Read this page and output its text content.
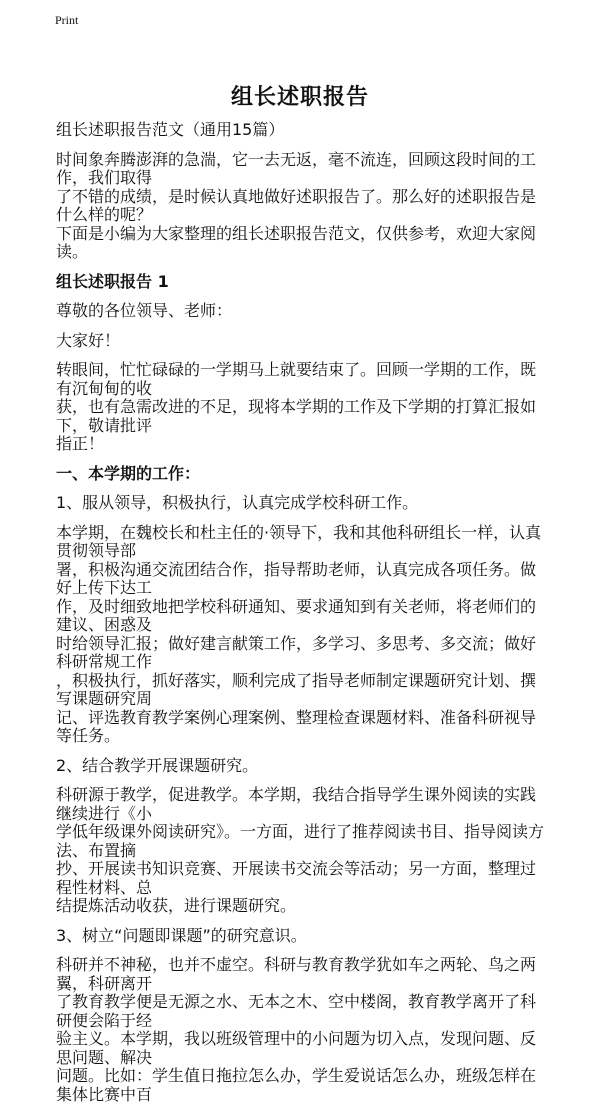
Print
组长述职报告
组长述职报告范文（通用15篇）
时间象奔腾澎湃的急湍，它一去无返，毫不流连，回顾这段时间的工作，我们取得
了不错的成绩，是时候认真地做好述职报告了。那么好的述职报告是什么样的呢？
下面是小编为大家整理的组长述职报告范文，仅供参考，欢迎大家阅读。
组长述职报告 1
尊敬的各位领导、老师：
大家好！
转眼间，忙忙碌碌的一学期马上就要结束了。回顾一学期的工作，既有沉甸甸的收
获，也有急需改进的不足，现将本学期的工作及下学期的打算汇报如下，敬请批评
指正！
一、本学期的工作：
1、服从领导，积极执行，认真完成学校科研工作。
本学期，在魏校长和杜主任的·领导下，我和其他科研组长一样，认真贯彻领导部
署，积极沟通交流团结合作，指导帮助老师，认真完成各项任务。做好上传下达工
作，及时细致地把学校科研通知、要求通知到有关老师，将老师们的建议、困惑及
时给领导汇报；做好建言献策工作，多学习、多思考、多交流；做好科研常规工作
，积极执行，抓好落实，顺利完成了指导老师制定课题研究计划、撰写课题研究周
记、评选教育教学案例心理案例、整理检查课题材料、准备科研视导等任务。
2、结合教学开展课题研究。
科研源于教学，促进教学。本学期，我结合指导学生课外阅读的实践继续进行《小
学低年级课外阅读研究》。一方面，进行了推荐阅读书目、指导阅读方法、布置摘
抄、开展读书知识竞赛、开展读书交流会等活动；另一方面，整理过程性材料、总
结提炼活动收获，进行课题研究。
3、树立“问题即课题”的研究意识。
科研并不神秘，也并不虚空。科研与教育教学犹如车之两轮、鸟之两翼，科研离开
了教育教学便是无源之水、无本之木、空中楼阁，教育教学离开了科研便会陷于经
验主义。本学期，我以班级管理中的小问题为切入点，发现问题、反思问题、解决
问题。比如：学生值日拖拉怎么办，学生爱说话怎么办，班级怎样在集体比赛中百
